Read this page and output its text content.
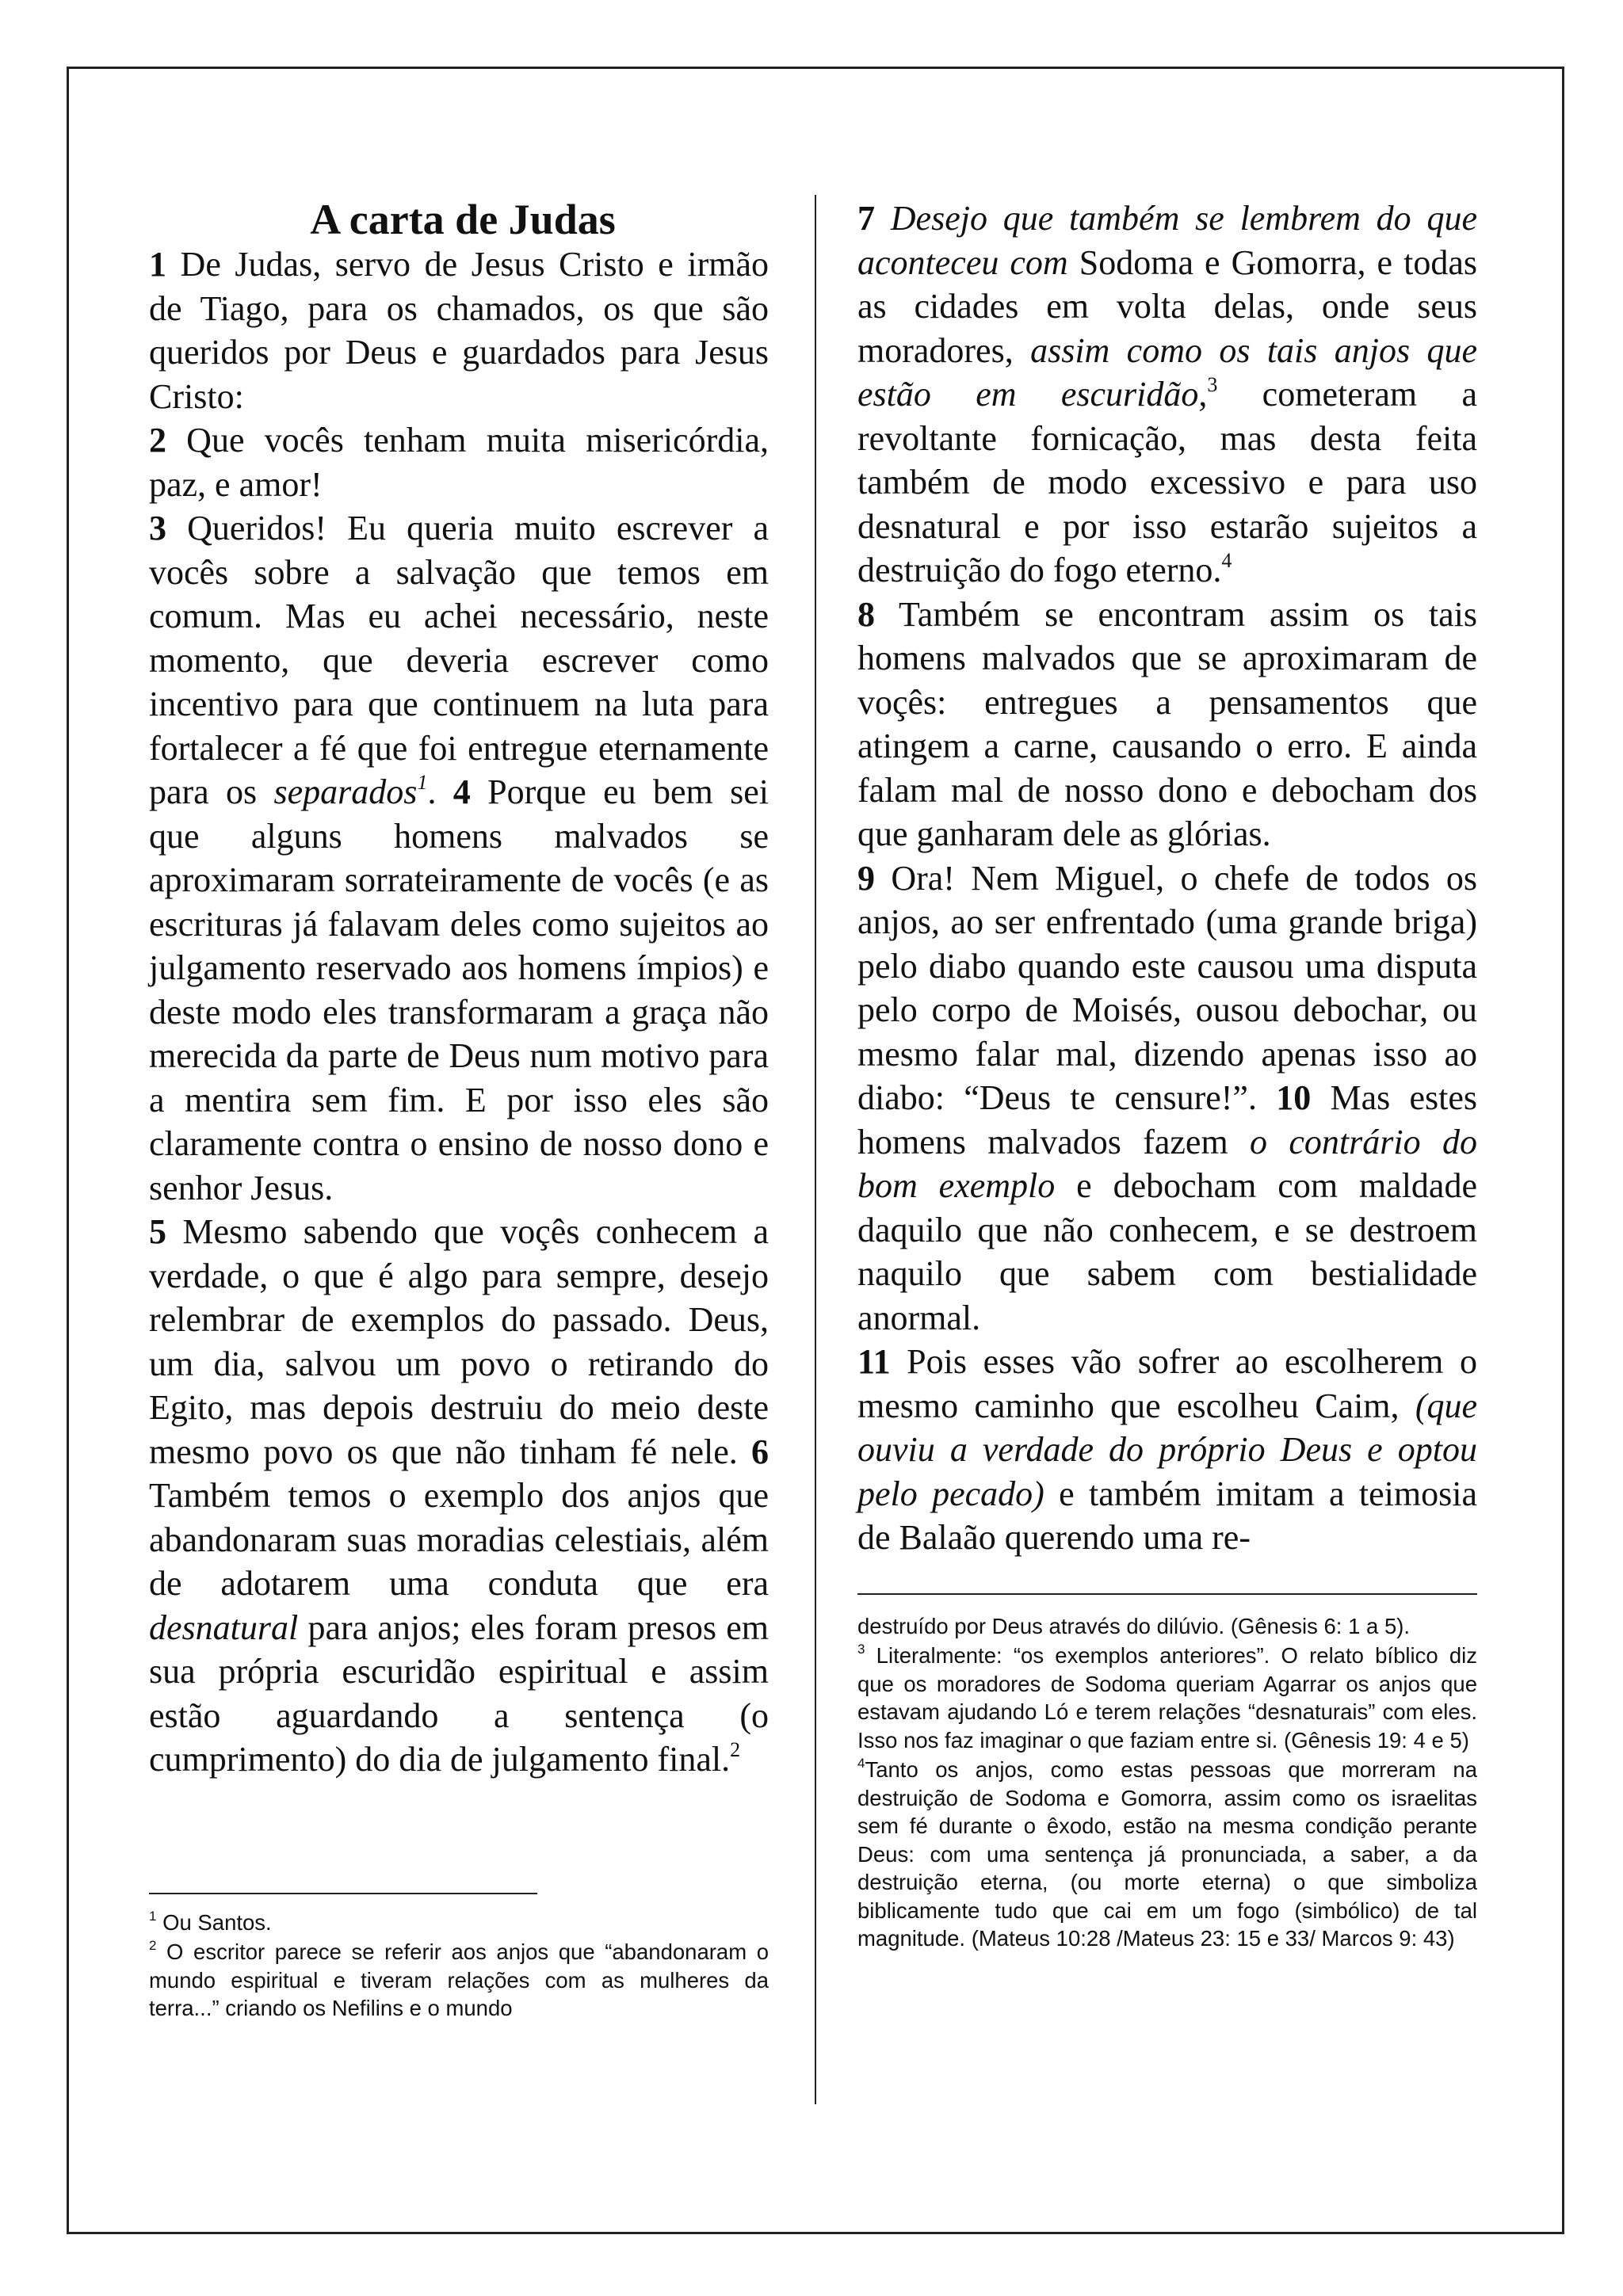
A carta de Judas

1 De Judas, servo de Jesus Cristo e irmão de Tiago, para os chamados, os que são queridos por Deus e guardados para Jesus Cristo:

2 Que vocês tenham muita misericórdia, paz, e amor!

3 Queridos! Eu queria muito escrever a vocês sobre a salvação que temos em comum. Mas eu achei necessário, neste momento, que deveria escrever como incentivo para que continuem na luta para fortalecer a fé que foi entregue eternamente para os separados$^1$. 4 Porque eu bem sei que alguns homens malvados se aproximaram sorrateiramente de vocês (e as escrituras já falavam deles como sujeitos ao julgamento reservado aos homens ímpios) e deste modo eles transformaram a graça não merecida da parte de Deus num motivo para a mentira sem fim. E por isso eles são claramente contra o ensino de nosso dono e senhor Jesus.

5 Mesmo sabendo que voçês conhecem a verdade, o que é algo para sempre, desejo relembrar de exemplos do passado. Deus, um dia, salvou um povo o retirando do Egito, mas depois destruiu do meio deste mesmo povo os que não tinham fé nele. 6 Também temos o exemplo dos anjos que abandonaram suas moradias celestiais, além de adotarem uma conduta que era desnatural para anjos; eles foram presos em sua própria escuridão espiritual e assim estão aguardando a sentença (o cumprimento) do dia de julgamento final.$^2$

$^1$ Ou Santos.

$^2$ O escritor parece se referir aos anjos que “abandonaram o mundo espiritual e tiveram relações com as mulheres da terra...” criando os Nefilins e o mundo

7 Desejo que também se lembrem do que aconteceu com Sodoma e Gomorra, e todas as cidades em volta delas, onde seus moradores, assim como os tais anjos que estão em escuridão,$^3$ cometeram a revoltante fornicação, mas desta feita também de modo excessivo e para uso desnatural e por isso estarão sujeitos a destruição do fogo eterno.$^4$

8 Também se encontram assim os tais homens malvados que se aproximaram de voçês: entregues a pensamentos que atingem a carne, causando o erro. E ainda falam mal de nosso dono e debocham dos que ganharam dele as glórias.

9 Ora! Nem Miguel, o chefe de todos os anjos, ao ser enfrentado (uma grande briga) pelo diabo quando este causou uma disputa pelo corpo de Moisés, ousou debochar, ou mesmo falar mal, dizendo apenas isso ao diabo: “Deus te censure!”. 10 Mas estes homens malvados fazem o contrário do bom exemplo e debocham com maldade daquilo que não conhecem, e se destroem naquilo que sabem com bestialidade anormal.

11 Pois esses vão sofrer ao escolherem o mesmo caminho que escolheu Caim, (que ouviu a verdade do próprio Deus e optou pelo pecado) e também imitam a teimosia de Balaão querendo uma re-

destruído por Deus através do dilúvio. (Gênesis 6: 1 a 5).

$^3$ Literalmente: “os exemplos anteriores”. O relato bíblico diz que os moradores de Sodoma queriam Agarrar os anjos que estavam ajudando Ló e terem relações “desnaturais” com eles. Isso nos faz imaginar o que faziam entre si. (Gênesis 19: 4 e 5)

$^4$Tanto os anjos, como estas pessoas que morreram na destruição de Sodoma e Gomorra, assim como os israelitas sem fé durante o êxodo, estão na mesma condição perante Deus: com uma sentença já pronunciada, a saber, a da destruição eterna, (ou morte eterna) o que simboliza biblicamente tudo que cai em um fogo (simbólico) de tal magnitude. (Mateus 10:28 /Mateus 23: 15 e 33/ Marcos 9: 43)
